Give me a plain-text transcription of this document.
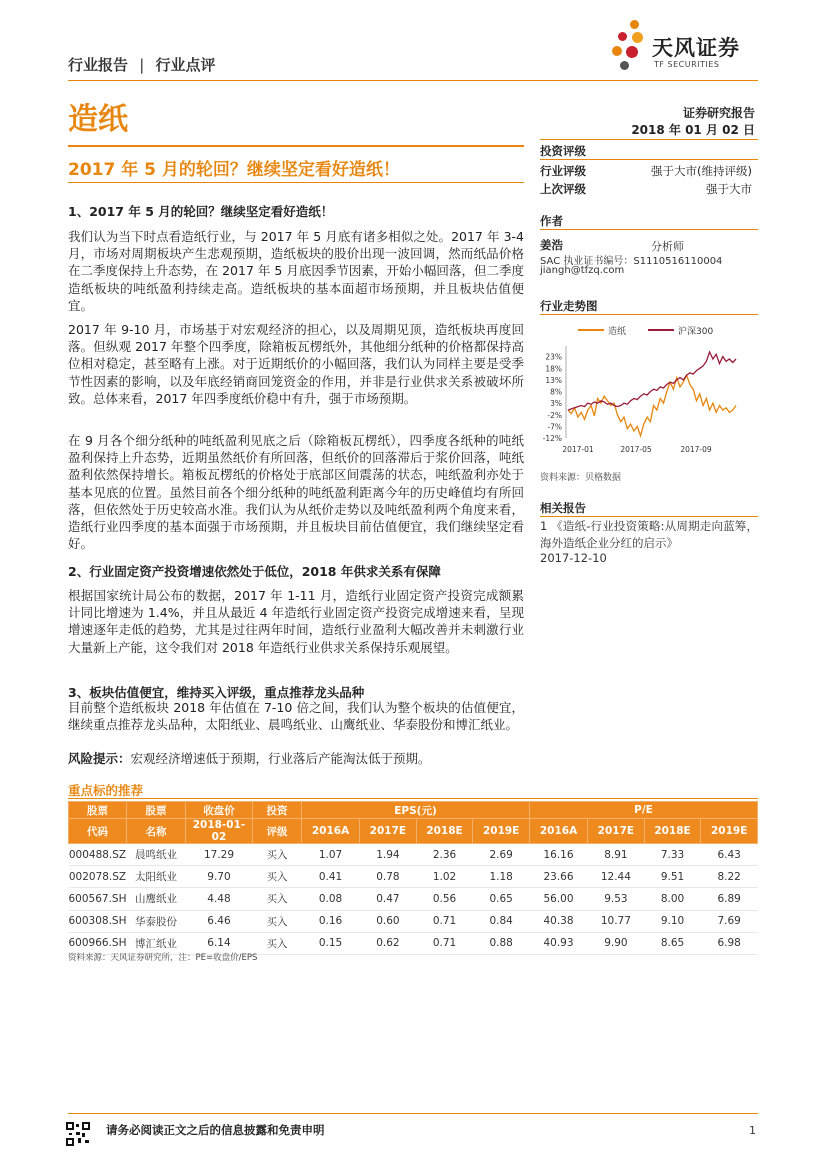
行业报告 | 行业点评
天风证券
TF SECURITIES
造纸	证券研究报告
2018 年 01 月 02 日
2017 年 5 月的轮回？继续坚定看好造纸！
投资评级
行业评级	强于大市(维持评级)
上次评级	强于大市
作者
姜浩	分析师
SAC 执业证书编号：S1110516110004
jiangh@tfzq.com
行业走势图
造纸	沪深300
23%
18%
13%
8%
3%
-2%
-7%
-12%
2017-01	2017-05	2017-09
资料来源：贝格数据
相关报告
1 《造纸-行业投资策略:从周期走向蓝筹，海外造纸企业分红的启示》
2017-12-10
1、2017 年 5 月的轮回？继续坚定看好造纸！
我们认为当下时点看造纸行业，与 2017 年 5 月底有诸多相似之处。2017 年 3-4 月，市场对周期板块产生悲观预期，造纸板块的股价出现一波回调，然而纸品价格在二季度保持上升态势，在 2017 年 5 月底因季节因素，开始小幅回落，但二季度造纸板块的吨纸盈利持续走高。造纸板块的基本面超市场预期，并且板块估值便宜。
2017 年 9-10 月，市场基于对宏观经济的担心，以及周期见顶，造纸板块再度回落。但纵观 2017 年整个四季度，除箱板瓦楞纸外，其他细分纸种的价格都保持高位相对稳定，甚至略有上涨。对于近期纸价的小幅回落，我们认为同样主要是受季节性因素的影响，以及年底经销商回笼资金的作用，并非是行业供求关系被破坏所致。总体来看，2017 年四季度纸价稳中有升，强于市场预期。
在 9 月各个细分纸种的吨纸盈利见底之后（除箱板瓦楞纸），四季度各纸种的吨纸盈利保持上升态势，近期虽然纸价有所回落，但纸价的回落滞后于浆价回落，吨纸盈利依然保持增长。箱板瓦楞纸的价格处于底部区间震荡的状态，吨纸盈利亦处于基本见底的位置。虽然目前各个细分纸种的吨纸盈利距离今年的历史峰值均有所回落，但依然处于历史较高水准。我们认为从纸价走势以及吨纸盈利两个角度来看，造纸行业四季度的基本面强于市场预期，并且板块目前估值便宜，我们继续坚定看好。
2、行业固定资产投资增速依然处于低位，2018 年供求关系有保障
根据国家统计局公布的数据，2017 年 1-11 月，造纸行业固定资产投资完成额累计同比增速为 1.4%，并且从最近 4 年造纸行业固定资产投资完成增速来看，呈现增速逐年走低的趋势，尤其是过往两年时间，造纸行业盈利大幅改善并未刺激行业大量新上产能，这令我们对 2018 年造纸行业供求关系保持乐观展望。
3、板块估值便宜，维持买入评级，重点推荐龙头品种
目前整个造纸板块 2018 年估值在 7-10 倍之间，我们认为整个板块的估值便宜，继续重点推荐龙头品种，太阳纸业、晨鸣纸业、山鹰纸业、华泰股份和博汇纸业。
风险提示：宏观经济增速低于预期，行业落后产能淘汰低于预期。
重点标的推荐
股票	股票	收盘价	投资	EPS(元)				P/E			
代码	名称	2018-01-02	评级	2016A	2017E	2018E	2019E	2016A	2017E	2018E	2019E
000488.SZ	晨鸣纸业	17.29	买入	1.07	1.94	2.36	2.69	16.16	8.91	7.33	6.43
002078.SZ	太阳纸业	9.70	买入	0.41	0.78	1.02	1.18	23.66	12.44	9.51	8.22
600567.SH	山鹰纸业	4.48	买入	0.08	0.47	0.56	0.65	56.00	9.53	8.00	6.89
600308.SH	华泰股份	6.46	买入	0.16	0.60	0.71	0.84	40.38	10.77	9.10	7.69
600966.SH	博汇纸业	6.14	买入	0.15	0.62	0.71	0.88	40.93	9.90	8.65	6.98
资料来源：天风证券研究所，注：PE=收盘价/EPS
请务必阅读正文之后的信息披露和免责申明	1
